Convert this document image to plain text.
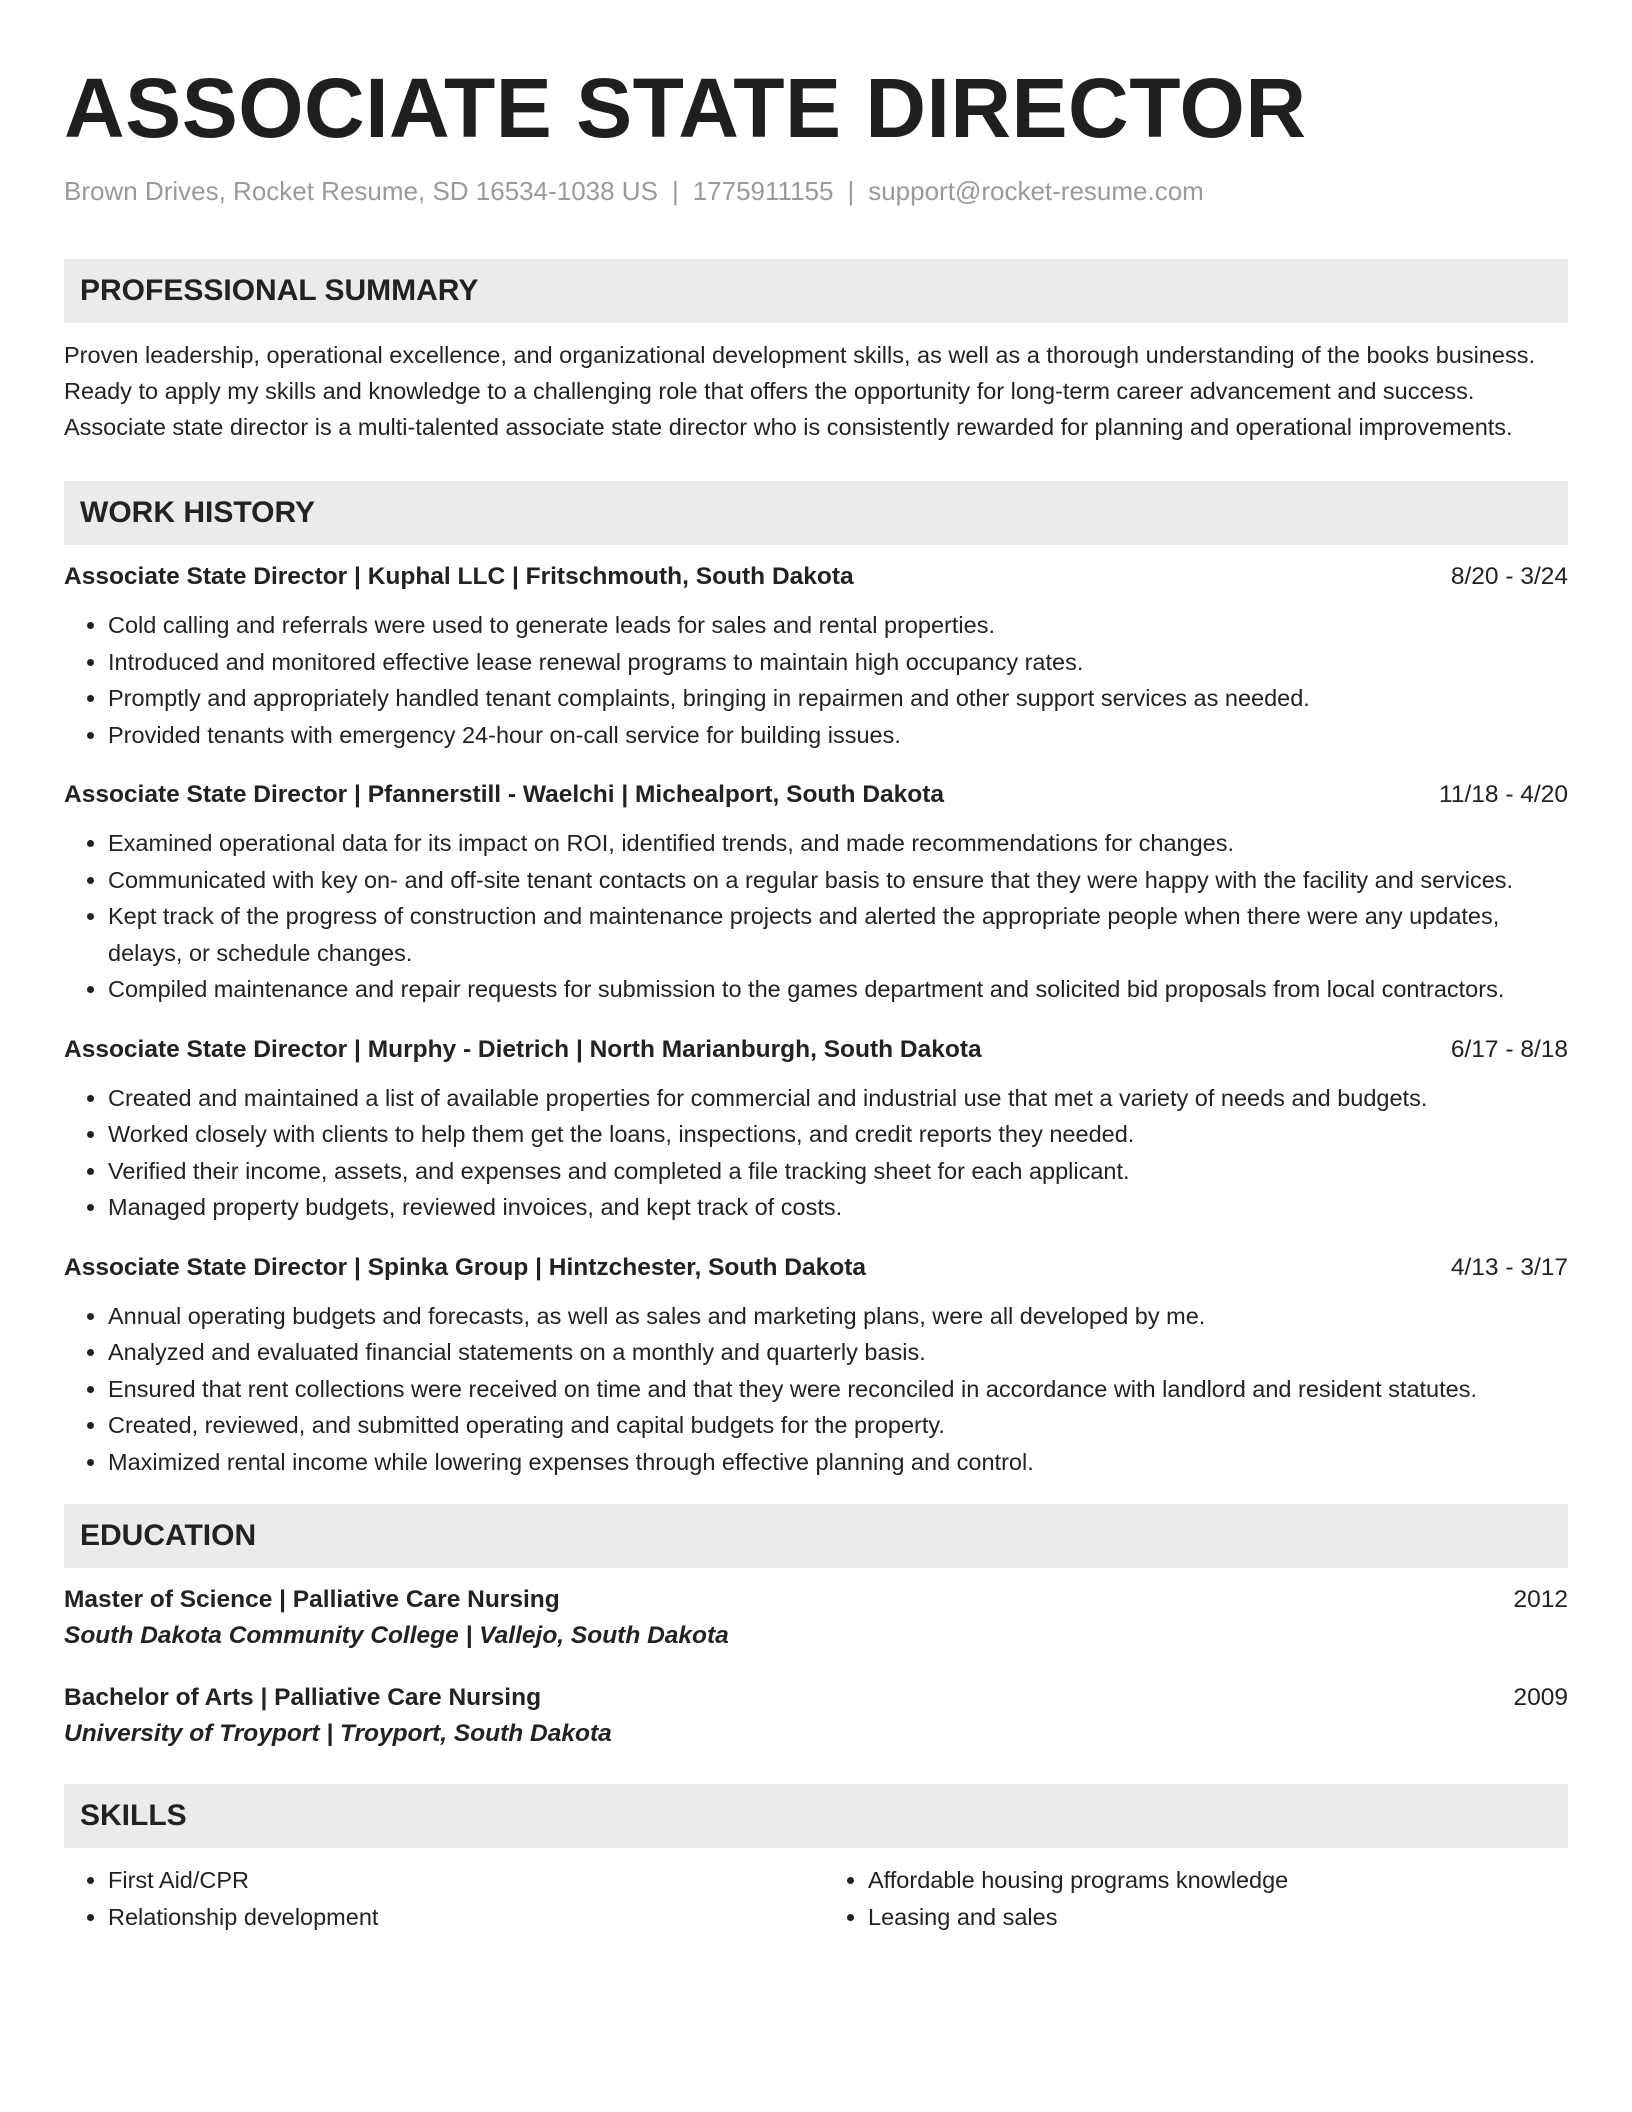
ASSOCIATE STATE DIRECTOR
Brown Drives, Rocket Resume, SD 16534-1038 US | 1775911155 | support@rocket-resume.com
PROFESSIONAL SUMMARY
Proven leadership, operational excellence, and organizational development skills, as well as a thorough understanding of the books business. Ready to apply my skills and knowledge to a challenging role that offers the opportunity for long-term career advancement and success. Associate state director is a multi-talented associate state director who is consistently rewarded for planning and operational improvements.
WORK HISTORY
Associate State Director | Kuphal LLC | Fritschmouth, South Dakota	8/20 - 3/24
• Cold calling and referrals were used to generate leads for sales and rental properties.
• Introduced and monitored effective lease renewal programs to maintain high occupancy rates.
• Promptly and appropriately handled tenant complaints, bringing in repairmen and other support services as needed.
• Provided tenants with emergency 24-hour on-call service for building issues.
Associate State Director | Pfannerstill - Waelchi | Michealport, South Dakota	11/18 - 4/20
• Examined operational data for its impact on ROI, identified trends, and made recommendations for changes.
• Communicated with key on- and off-site tenant contacts on a regular basis to ensure that they were happy with the facility and services.
• Kept track of the progress of construction and maintenance projects and alerted the appropriate people when there were any updates, delays, or schedule changes.
• Compiled maintenance and repair requests for submission to the games department and solicited bid proposals from local contractors.
Associate State Director | Murphy - Dietrich | North Marianburgh, South Dakota	6/17 - 8/18
• Created and maintained a list of available properties for commercial and industrial use that met a variety of needs and budgets.
• Worked closely with clients to help them get the loans, inspections, and credit reports they needed.
• Verified their income, assets, and expenses and completed a file tracking sheet for each applicant.
• Managed property budgets, reviewed invoices, and kept track of costs.
Associate State Director | Spinka Group | Hintzchester, South Dakota	4/13 - 3/17
• Annual operating budgets and forecasts, as well as sales and marketing plans, were all developed by me.
• Analyzed and evaluated financial statements on a monthly and quarterly basis.
• Ensured that rent collections were received on time and that they were reconciled in accordance with landlord and resident statutes.
• Created, reviewed, and submitted operating and capital budgets for the property.
• Maximized rental income while lowering expenses through effective planning and control.
EDUCATION
Master of Science | Palliative Care Nursing	2012
South Dakota Community College | Vallejo, South Dakota
Bachelor of Arts | Palliative Care Nursing	2009
University of Troyport | Troyport, South Dakota
SKILLS
• First Aid/CPR
• Relationship development
• Affordable housing programs knowledge
• Leasing and sales
